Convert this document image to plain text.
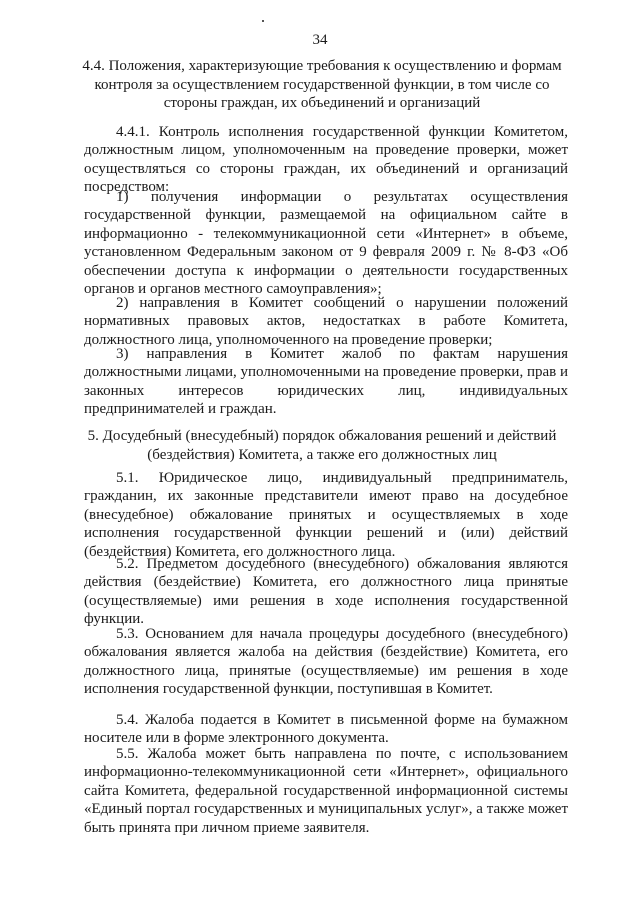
34
4.4. Положения, характеризующие требования к осуществлению и формам контроля за осуществлением государственной функции, в том числе со стороны граждан, их объединений и организаций

4.4.1. Контроль исполнения государственной функции Комитетом, должностным лицом, уполномоченным на проведение проверки, может осуществляться со стороны граждан, их объединений и организаций посредством:

1) получения информации о результатах осуществления государственной функции, размещаемой на официальном сайте в информационно - телекоммуникационной сети «Интернет» в объеме, установленном Федеральным законом от 9 февраля 2009 г. № 8-ФЗ «Об обеспечении доступа к информации о деятельности государственных органов и органов местного самоуправления»;

2) направления в Комитет сообщений о нарушении положений нормативных правовых актов, недостатках в работе Комитета, должностного лица, уполномоченного на проведение проверки;

3) направления в Комитет жалоб по фактам нарушения должностными лицами, уполномоченными на проведение проверки, прав и законных интересов юридических лиц, индивидуальных предпринимателей и граждан.

5. Досудебный (внесудебный) порядок обжалования решений и действий (бездействия) Комитета, а также его должностных лиц

5.1. Юридическое лицо, индивидуальный предприниматель, гражданин, их законные представители имеют право на досудебное (внесудебное) обжалование принятых и осуществляемых в ходе исполнения государственной функции решений и (или) действий (бездействия) Комитета, его должностного лица.

5.2. Предметом досудебного (внесудебного) обжалования являются действия (бездействие) Комитета, его должностного лица принятые (осуществляемые) ими решения в ходе исполнения государственной функции.

5.3. Основанием для начала процедуры досудебного (внесудебного) обжалования является жалоба на действия (бездействие) Комитета, его должностного лица, принятые (осуществляемые) им решения в ходе исполнения государственной функции, поступившая в Комитет.

5.4. Жалоба подается в Комитет в письменной форме на бумажном носителе или в форме электронного документа.

5.5. Жалоба может быть направлена по почте, с использованием информационно-телекоммуникационной сети «Интернет», официального сайта Комитета, федеральной государственной информационной системы «Единый портал государственных и муниципальных услуг», а также может быть принята при личном приеме заявителя.
